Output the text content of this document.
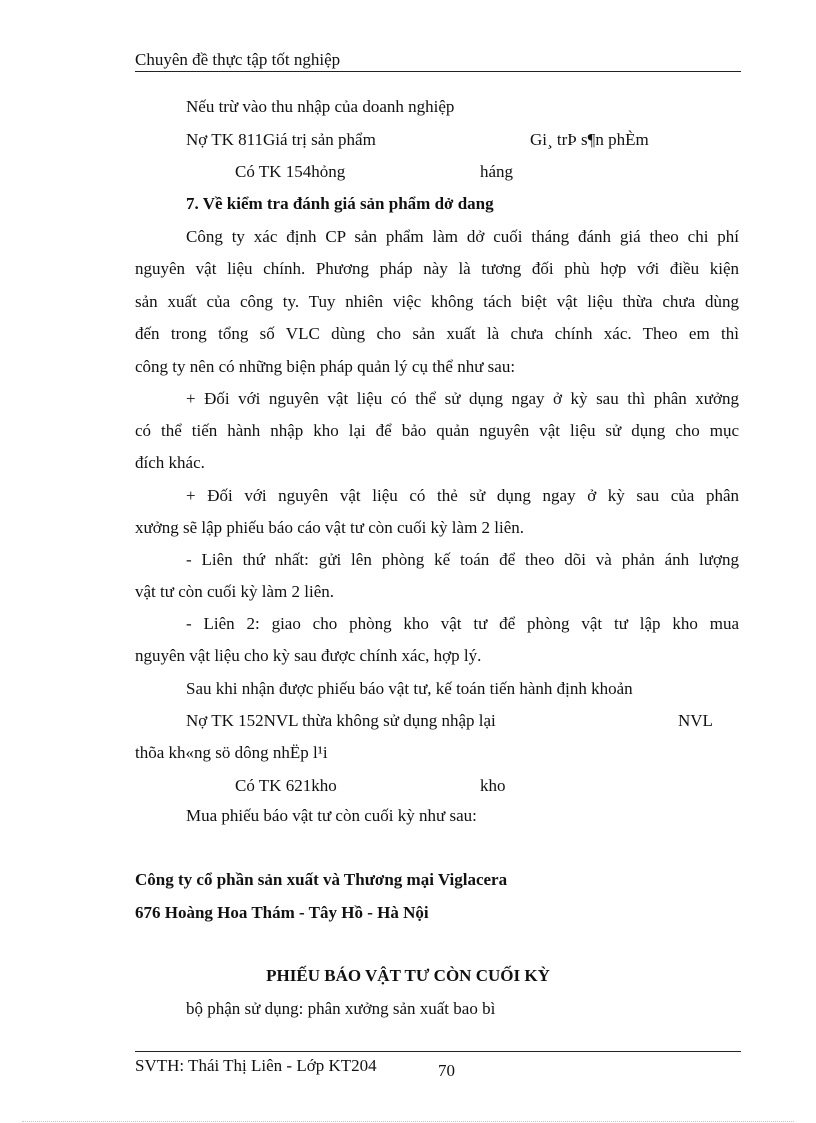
Chuyên đề thực tập tốt nghiệp
Nếu trừ vào thu nhập của doanh nghiệp
Nợ TK 811Giá trị sản phẩm	Gi¸ trÞ s¶n phÈm
Có TK 154hỏng	háng
7. Về kiểm tra đánh giá sản phẩm dở dang
Công ty xác định CP sản phẩm làm dở cuối tháng đánh giá theo chi phí
nguyên vật liệu chính. Phương pháp này là tương đối phù hợp với điều kiện
sản xuất của công ty. Tuy nhiên việc không tách biệt vật liệu thừa chưa dùng
đến trong tổng số VLC dùng cho sản xuất là chưa chính xác. Theo em thì
công ty nên có những biện pháp quản lý cụ thể như sau:
+ Đối với nguyên vật liệu có thể sử dụng ngay ở kỳ sau thì phân xưởng
có thể tiến hành nhập kho lại để bảo quản nguyên vật liệu sử dụng cho mục
đích khác.
+ Đối với nguyên vật liệu có thẻ sử dụng ngay ở kỳ sau của phân
xưởng sẽ lập phiếu báo cáo vật tư còn cuối kỳ làm 2 liên.
- Liên thứ nhất: gửi lên phòng kế toán để theo dõi và phản ánh lượng
vật tư còn cuối kỳ làm 2 liên.
- Liên 2: giao cho phòng kho vật tư để phòng vật tư lập kho mua
nguyên vật liệu cho kỳ sau được chính xác, hợp lý.
Sau khi nhận được phiếu báo vật tư, kế toán tiến hành định khoản
Nợ TK 152NVL thừa không sử dụng nhập lại	NVL
thõa kh«ng sö dông nhËp l¹i
Có TK 621kho	kho
Mua phiếu báo vật tư còn cuối kỳ như sau:
Công ty cổ phần sản xuất và Thương mại Viglacera
676 Hoàng Hoa Thám - Tây Hồ - Hà Nội
PHIẾU BÁO VẬT TƯ CÒN CUỐI KỲ
bộ phận sử dụng: phân xưởng sản xuất bao bì
SVTH: Thái Thị Liên - Lớp KT204	70
